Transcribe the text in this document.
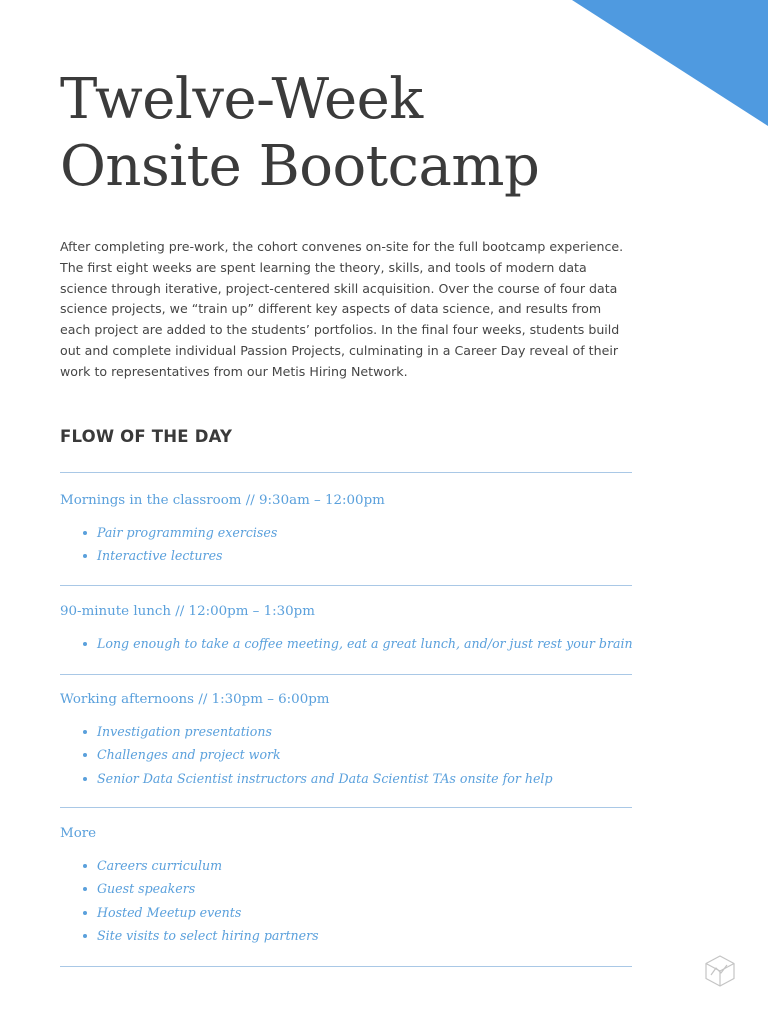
Twelve-Week
Onsite Bootcamp

After completing pre-work, the cohort convenes on-site for the full bootcamp experience. The first eight weeks are spent learning the theory, skills, and tools of modern data science through iterative, project-centered skill acquisition. Over the course of four data science projects, we “train up” different key aspects of data science, and results from each project are added to the students’ portfolios. In the final four weeks, students build out and complete individual Passion Projects, culminating in a Career Day reveal of their work to representatives from our Metis Hiring Network.

FLOW OF THE DAY
Mornings in the classroom // 9:30am – 12:00pm
Pair programming exercises
Interactive lectures
90-minute lunch // 12:00pm – 1:30pm
Long enough to take a coffee meeting, eat a great lunch, and/or just rest your brain
Working afternoons // 1:30pm – 6:00pm
Investigation presentations
Challenges and project work
Senior Data Scientist instructors and Data Scientist TAs onsite for help
More
Careers curriculum
Guest speakers
Hosted Meetup events
Site visits to select hiring partners
